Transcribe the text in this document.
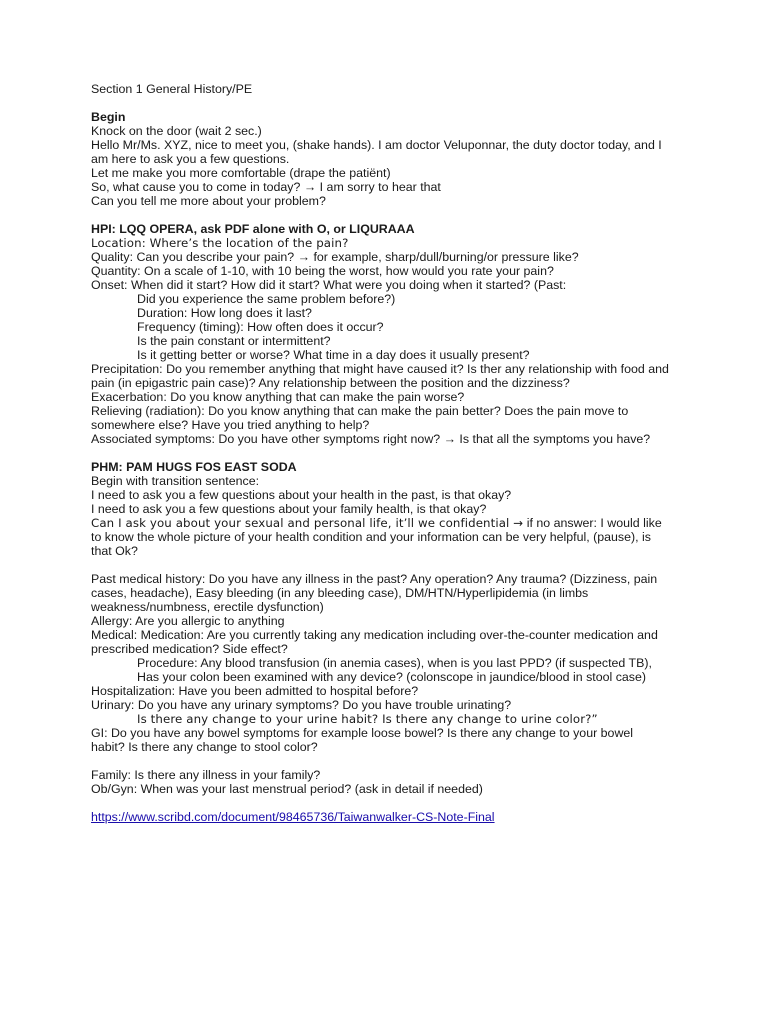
Section 1 General History/PE
Begin
Knock on the door (wait 2 sec.)
Hello Mr/Ms. XYZ, nice to meet you, (shake hands). I am doctor Veluponnar, the duty doctor today, and I am here to ask you a few questions.
Let me make you more comfortable (drape the patiënt)
So, what cause you to come in today? → I am sorry to hear that
Can you tell me more about your problem?
HPI: LQQ OPERA, ask PDF alone with O, or LIQURAAA
Location: Where’s the location of the pain?
Quality: Can you describe your pain? → for example, sharp/dull/burning/or pressure like?
Quantity: On a scale of 1-10, with 10 being the worst, how would you rate your pain?
Onset: When did it start? How did it start? What were you doing when it started? (Past:
Did you experience the same problem before?)
Duration: How long does it last?
Frequency (timing): How often does it occur?
Is the pain constant or intermittent?
Is it getting better or worse? What time in a day does it usually present?
Precipitation: Do you remember anything that might have caused it? Is ther any relationship with food and pain (in epigastric pain case)? Any relationship between the position and the dizziness?
Exacerbation: Do you know anything that can make the pain worse?
Relieving (radiation): Do you know anything that can make the pain better? Does the pain move to somewhere else? Have you tried anything to help?
Associated symptoms: Do you have other symptoms right now? → Is that all the symptoms you have?
PHM: PAM HUGS FOS EAST SODA
Begin with transition sentence:
I need to ask you a few questions about your health in the past, is that okay?
I need to ask you a few questions about your family health, is that okay?
Can I ask you about your sexual and personal life, it’ll we confidential → if no answer: I would like to know the whole picture of your health condition and your information can be very helpful, (pause), is that Ok?
Past medical history: Do you have any illness in the past? Any operation? Any trauma? (Dizziness, pain cases, headache), Easy bleeding (in any bleeding case), DM/HTN/Hyperlipidemia (in limbs weakness/numbness, erectile dysfunction)
Allergy: Are you allergic to anything
Medical: Medication: Are you currently taking any medication including over-the-counter medication and prescribed medication? Side effect?
Procedure: Any blood transfusion (in anemia cases), when is you last PPD? (if suspected TB),
Has your colon been examined with any device? (colonscope in jaundice/blood in stool case)
Hospitalization: Have you been admitted to hospital before?
Urinary: Do you have any urinary symptoms? Do you have trouble urinating?
Is there any change to your urine habit? Is there any change to urine color?”
GI: Do you have any bowel symptoms for example loose bowel? Is there any change to your bowel habit? Is there any change to stool color?
Family: Is there any illness in your family?
Ob/Gyn: When was your last menstrual period? (ask in detail if needed)
https://www.scribd.com/document/98465736/Taiwanwalker-CS-Note-Final
